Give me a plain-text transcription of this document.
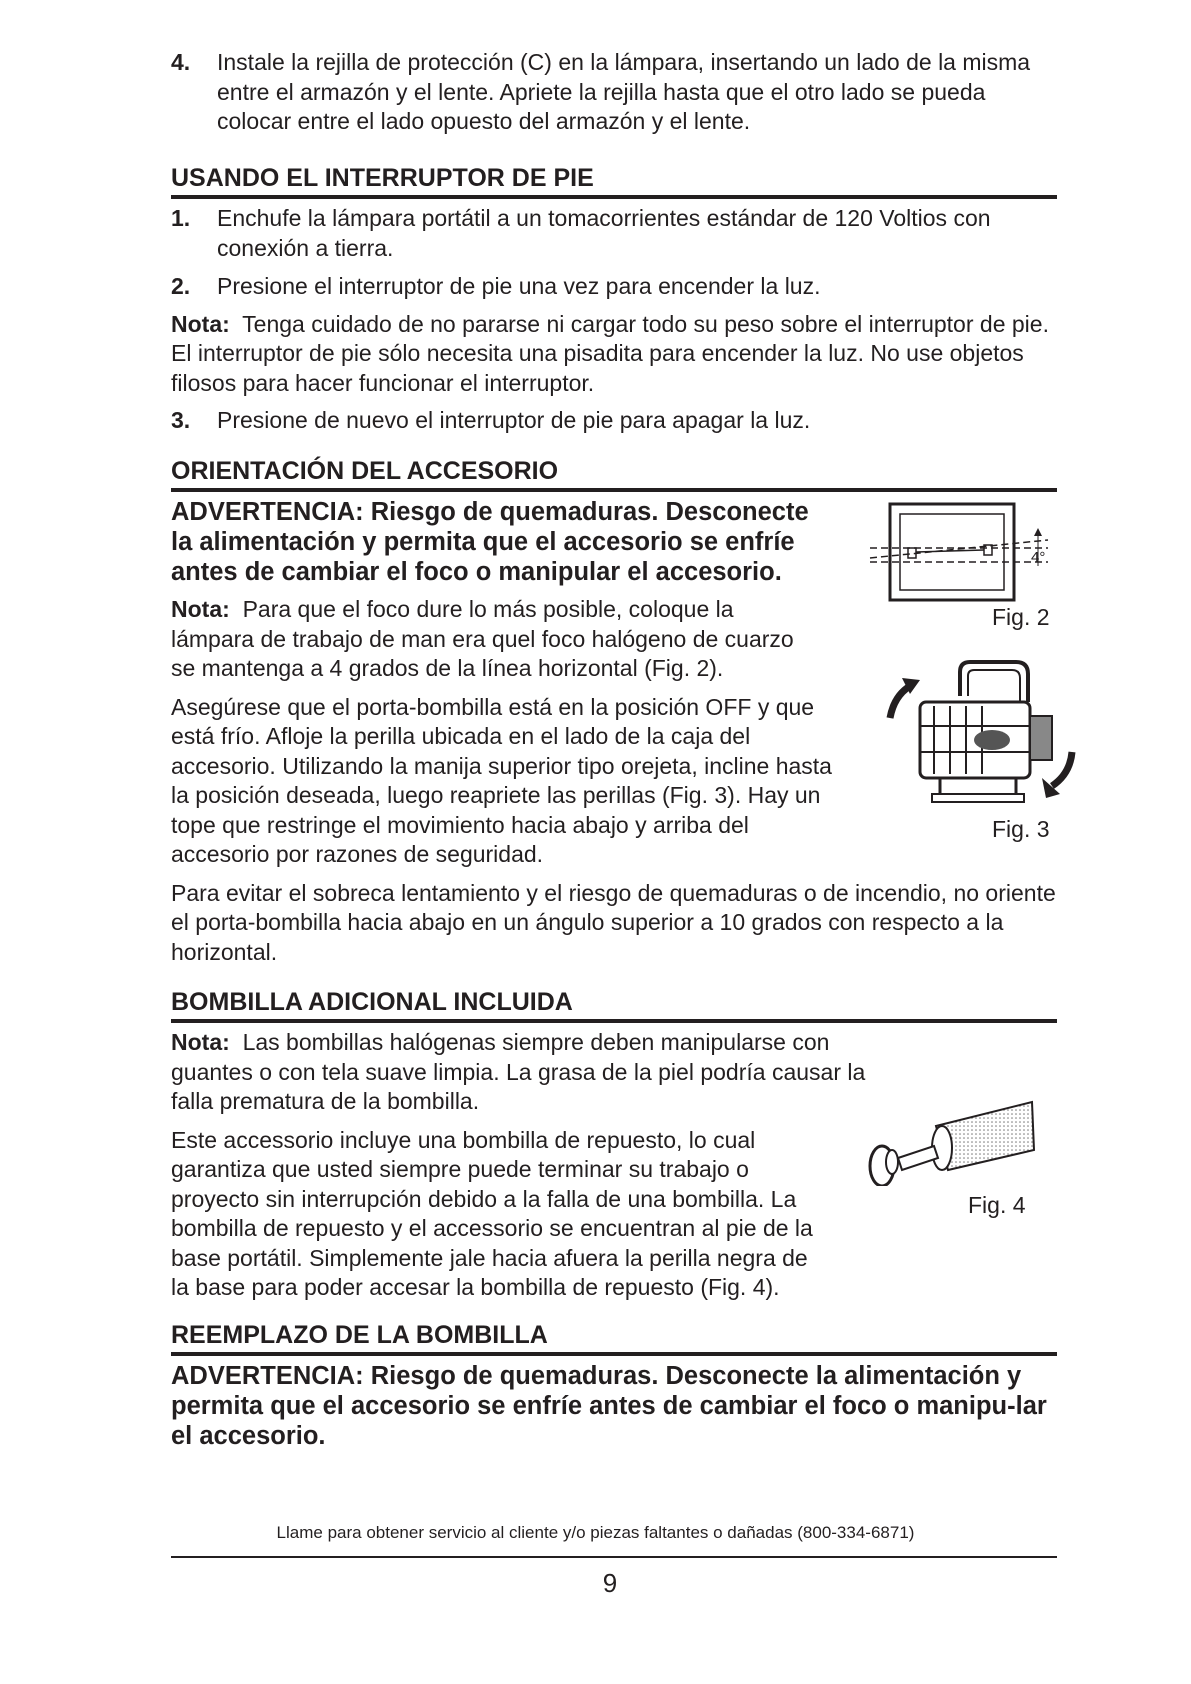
4. Instale la rejilla de protección (C) en la lámpara, insertando un lado de la misma entre el armazón y el lente. Apriete la rejilla hasta que el otro lado se pueda colocar entre el lado opuesto del armazón y el lente.
USANDO EL INTERRUPTOR DE PIE
1. Enchufe la lámpara portátil a un tomacorrientes estándar de 120 Voltios con conexión a tierra.
2. Presione el interruptor de pie una vez para encender la luz.

Nota: Tenga cuidado de no pararse ni cargar todo su peso sobre el interruptor de pie. El interruptor de pie sólo necesita una pisadita para encender la luz. No use objetos filosos para hacer funcionar el interruptor.

3. Presione de nuevo el interruptor de pie para apagar la luz.
ORIENTACIÓN DEL ACCESORIO
ADVERTENCIA: Riesgo de quemaduras. Desconecte la alimentación y permita que el accesorio se enfríe antes de cambiar el foco o manipular el accesorio.

Nota: Para que el foco dure lo más posible, coloque la lámpara de trabajo de man era quel foco halógeno de cuarzo se mantenga a 4 grados de la línea horizontal (Fig. 2).

Asegúrese que el porta-bombilla está en la posición OFF y que está frío. Afloje la perilla ubicada en el lado de la caja del accesorio. Utilizando la manija superior tipo orejeta, incline hasta la posición deseada, luego reapriete las perillas (Fig. 3). Hay un tope que restringe el movimiento hacia abajo y arriba del accesorio por razones de seguridad.

Para evitar el sobreca lentamiento y el riesgo de quemaduras o de incendio, no oriente el porta-bombilla hacia abajo en un ángulo superior a 10 grados con respecto a la horizontal.

4°
Fig. 2
Fig. 3
BOMBILLA ADICIONAL INCLUIDA

Nota: Las bombillas halógenas siempre deben manipularse con guantes o con tela suave limpia. La grasa de la piel podría causar la falla prematura de la bombilla.

Este accessorio incluye una bombilla de repuesto, lo cual garantiza que usted siempre puede terminar su trabajo o proyecto sin interrupción debido a la falla de una bombilla. La bombilla de repuesto y el accessorio se encuentran al pie de la base portátil. Simplemente jale hacia afuera la perilla negra de la base para poder accesar la bombilla de repuesto (Fig. 4).

Fig. 4
REEMPLAZO DE LA BOMBILLA
ADVERTENCIA: Riesgo de quemaduras. Desconecte la alimentación y permita que el accesorio se enfríe antes de cambiar el foco o manipu-lar el accesorio.
Llame para obtener servicio al cliente y/o piezas faltantes o dañadas (800-334-6871)
9
